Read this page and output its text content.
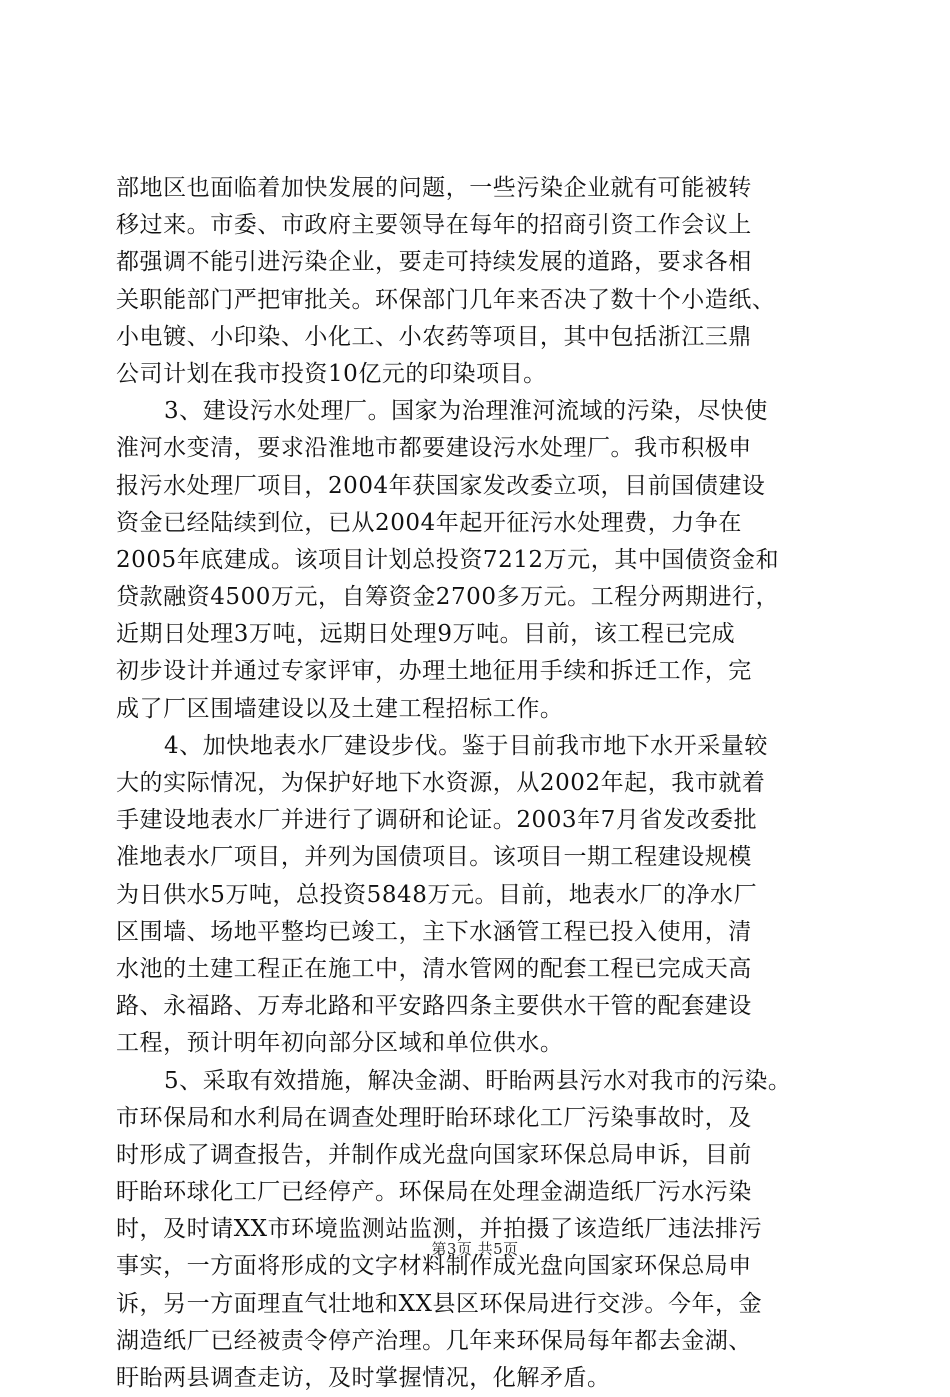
部地区也面临着加快发展的问题，一些污染企业就有可能被转
移过来。市委、市政府主要领导在每年的招商引资工作会议上
都强调不能引进污染企业，要走可持续发展的道路，要求各相
关职能部门严把审批关。环保部门几年来否决了数十个小造纸、
小电镀、小印染、小化工、小农药等项目，其中包括浙江三鼎
公司计划在我市投资10亿元的印染项目。
3、建设污水处理厂。国家为治理淮河流域的污染，尽快使
淮河水变清，要求沿淮地市都要建设污水处理厂。我市积极申
报污水处理厂项目，2004年获国家发改委立项，目前国债建设
资金已经陆续到位，已从2004年起开征污水处理费，力争在
2005年底建成。该项目计划总投资7212万元，其中国债资金和
贷款融资4500万元，自筹资金2700多万元。工程分两期进行，
近期日处理3万吨，远期日处理9万吨。目前，该工程已完成
初步设计并通过专家评审，办理土地征用手续和拆迁工作，完
成了厂区围墙建设以及土建工程招标工作。
4、加快地表水厂建设步伐。鉴于目前我市地下水开采量较
大的实际情况，为保护好地下水资源，从2002年起，我市就着
手建设地表水厂并进行了调研和论证。2003年7月省发改委批
准地表水厂项目，并列为国债项目。该项目一期工程建设规模
为日供水5万吨，总投资5848万元。目前，地表水厂的净水厂
区围墙、场地平整均已竣工，主下水涵管工程已投入使用，清
水池的土建工程正在施工中，清水管网的配套工程已完成天高
路、永福路、万寿北路和平安路四条主要供水干管的配套建设
工程，预计明年初向部分区域和单位供水。
5、采取有效措施，解决金湖、盱眙两县污水对我市的污染。
市环保局和水利局在调查处理盱眙环球化工厂污染事故时，及
时形成了调查报告，并制作成光盘向国家环保总局申诉，目前
盱眙环球化工厂已经停产。环保局在处理金湖造纸厂污水污染
时，及时请XX市环境监测站监测，并拍摄了该造纸厂违法排污
事实，一方面将形成的文字材料制作成光盘向国家环保总局申
诉，另一方面理直气壮地和XX县区环保局进行交涉。今年，金
湖造纸厂已经被责令停产治理。几年来环保局每年都去金湖、
盱眙两县调查走访，及时掌握情况，化解矛盾。
第3页 共5页
